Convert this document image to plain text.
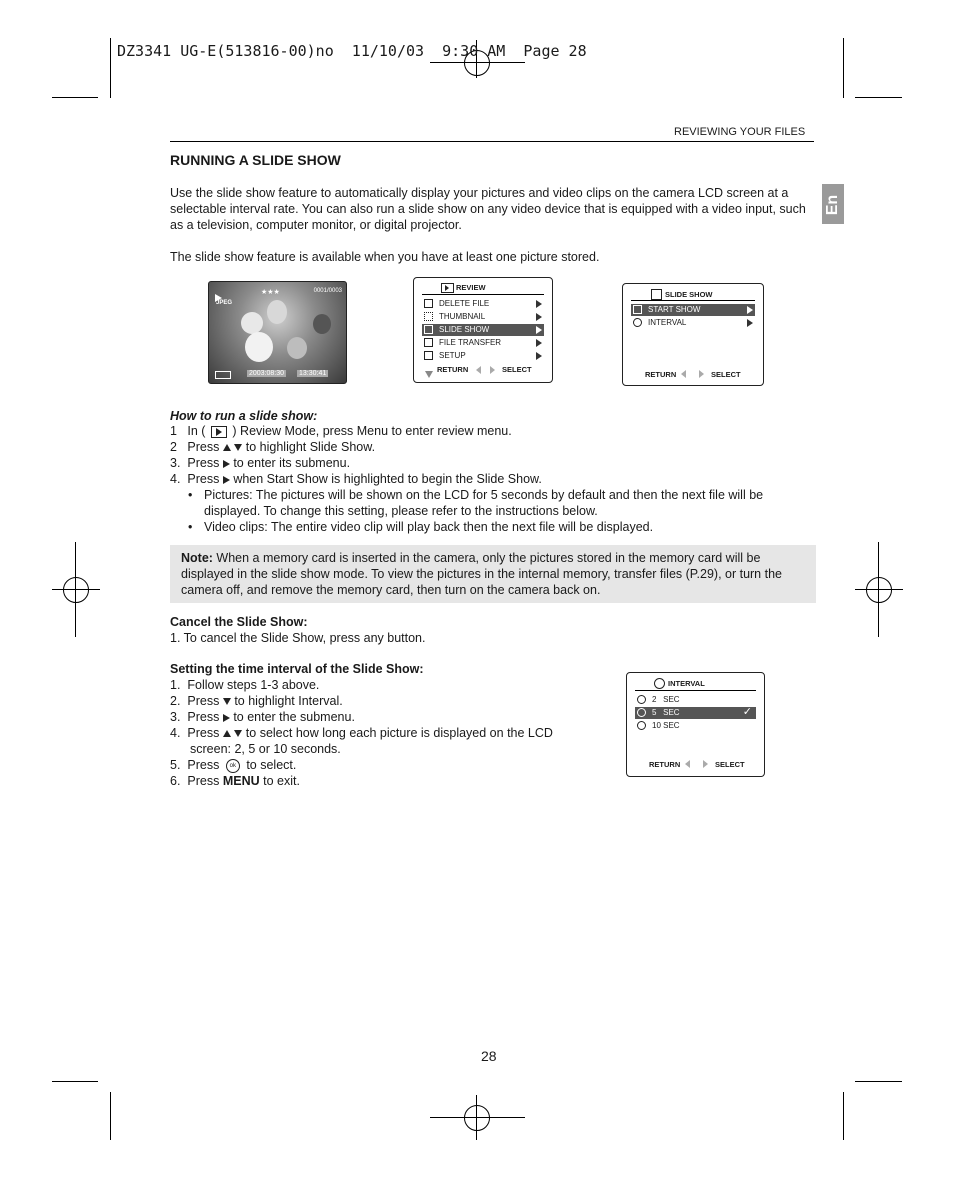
DZ3341 UG-E(513816-00)no  11/10/03  9:30 AM  Page 28
REVIEWING YOUR FILES
En
RUNNING A SLIDE SHOW
Use the slide show feature to automatically display your pictures and video clips on the camera LCD screen at a selectable interval rate. You can also run a slide show on any video device that is equipped with a video input, such as a television, computer monitor, or digital projector.
The slide show feature is available when you have at least one picture stored.
★★★	0001/0003
JPEG
2003:08:30 13:30:41
REVIEW
DELETE FILE
THUMBNAIL
SLIDE SHOW
FILE TRANSFER
SETUP
RETURN	SELECT
SLIDE SHOW
START SHOW
INTERVAL
RETURN	SELECT
How to run a slide show:
1 In ( ) Review Mode, press Menu to enter review menu.
2 Press to highlight Slide Show.
3. Press to enter its submenu.
4. Press when Start Show is highlighted to begin the Slide Show.
• Pictures: The pictures will be shown on the LCD for 5 seconds by default and then the next file will be displayed. To change this setting, please refer to the instructions below.
• Video clips: The entire video clip will play back then the next file will be displayed.
Note: When a memory card is inserted in the camera, only the pictures stored in the memory card will be displayed in the slide show mode. To view the pictures in the internal memory, transfer files (P.29), or turn the camera off, and remove the memory card, then turn on the camera back on.
Cancel the Slide Show:
1. To cancel the Slide Show, press any button.
Setting the time interval of the Slide Show:
1. Follow steps 1-3 above.
2. Press to highlight Interval.
3. Press to enter the submenu.
4. Press to select how long each picture is displayed on the LCD
screen: 2, 5 or 10 seconds.
5. Press ok to select.
6. Press MENU to exit.
INTERVAL
2   SEC
5   SEC	✓
10 SEC
RETURN	SELECT
28
